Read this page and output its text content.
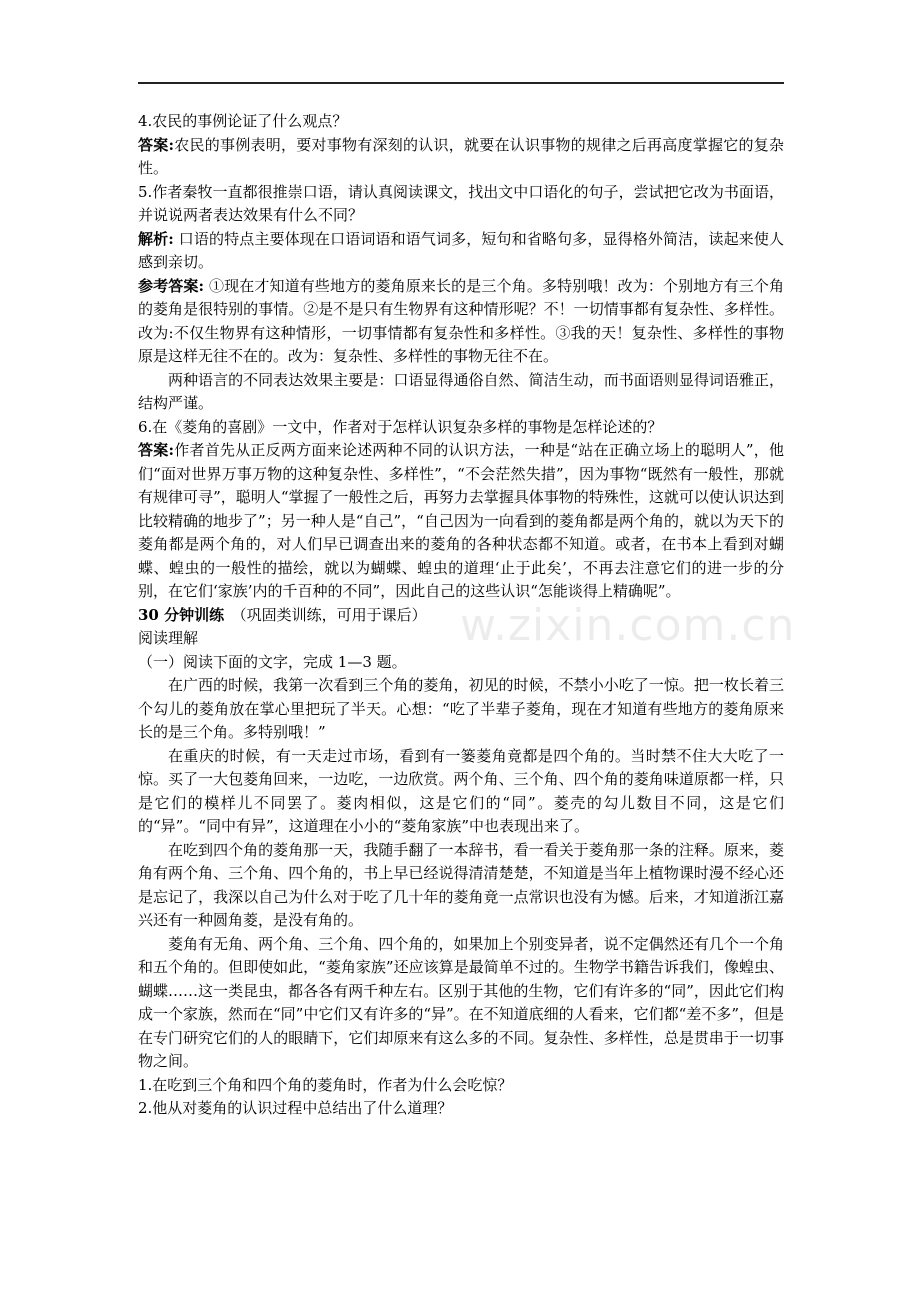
w.zixin.com.cn

4.农民的事例论证了什么观点？

答案:农民的事例表明，要对事物有深刻的认识，就要在认识事物的规律之后再高度掌握它的复杂性。

5.作者秦牧一直都很推崇口语，请认真阅读课文，找出文中口语化的句子，尝试把它改为书面语，并说说两者表达效果有什么不同？

解析: 口语的特点主要体现在口语词语和语气词多，短句和省略句多，显得格外简洁，读起来使人感到亲切。

参考答案: ①现在才知道有些地方的菱角原来长的是三个角。多特别哦！改为：个别地方有三个角的菱角是很特别的事情。②是不是只有生物界有这种情形呢？不！一切情事都有复杂性、多样性。改为:不仅生物界有这种情形，一切事情都有复杂性和多样性。③我的天！复杂性、多样性的事物原是这样无往不在的。改为：复杂性、多样性的事物无往不在。

两种语言的不同表达效果主要是：口语显得通俗自然、简洁生动，而书面语则显得词语雅正，结构严谨。

6.在《菱角的喜剧》一文中，作者对于怎样认识复杂多样的事物是怎样论述的？

答案:作者首先从正反两方面来论述两种不同的认识方法，一种是“站在正确立场上的聪明人”，他们“面对世界万事万物的这种复杂性、多样性”，“不会茫然失措”，因为事物“既然有一般性，那就有规律可寻”，聪明人“掌握了一般性之后，再努力去掌握具体事物的特殊性，这就可以使认识达到比较精确的地步了”；另一种人是“自己”，“自己因为一向看到的菱角都是两个角的，就以为天下的菱角都是两个角的，对人们早已调查出来的菱角的各种状态都不知道。或者，在书本上看到对蝴蝶、蝗虫的一般性的描绘，就以为蝴蝶、蝗虫的道理‘止于此矣’，不再去注意它们的进一步的分别，在它们‘家族’内的千百种的不同”，因此自己的这些认识“怎能谈得上精确呢”。

30 分钟训练　（巩固类训练，可用于课后）

阅读理解

（一）阅读下面的文字，完成 1—3 题。

在广西的时候，我第一次看到三个角的菱角，初见的时候，不禁小小吃了一惊。把一枚长着三个勾儿的菱角放在掌心里把玩了半天。心想：“吃了半辈子菱角，现在才知道有些地方的菱角原来长的是三个角。多特别哦！”

在重庆的时候，有一天走过市场，看到有一篓菱角竟都是四个角的。当时禁不住大大吃了一惊。买了一大包菱角回来，一边吃，一边欣赏。两个角、三个角、四个角的菱角味道原都一样，只是它们的模样儿不同罢了。菱肉相似，这是它们的“同”。菱壳的勾儿数目不同，这是它们的“异”。“同中有异”，这道理在小小的“菱角家族”中也表现出来了。

在吃到四个角的菱角那一天，我随手翻了一本辞书，看一看关于菱角那一条的注释。原来，菱角有两个角、三个角、四个角的，书上早已经说得清清楚楚，不知道是当年上植物课时漫不经心还是忘记了，我深以自己为什么对于吃了几十年的菱角竟一点常识也没有为憾。后来，才知道浙江嘉兴还有一种圆角菱，是没有角的。

菱角有无角、两个角、三个角、四个角的，如果加上个别变异者，说不定偶然还有几个一个角和五个角的。但即使如此，“菱角家族”还应该算是最简单不过的。生物学书籍告诉我们，像蝗虫、蝴蝶……这一类昆虫，都各各有两千种左右。区别于其他的生物，它们有许多的“同”，因此它们构成一个家族，然而在“同”中它们又有许多的“异”。在不知道底细的人看来，它们都“差不多”，但是在专门研究它们的人的眼睛下，它们却原来有这么多的不同。复杂性、多样性，总是贯串于一切事物之间。

1.在吃到三个角和四个角的菱角时，作者为什么会吃惊？

2.他从对菱角的认识过程中总结出了什么道理？
